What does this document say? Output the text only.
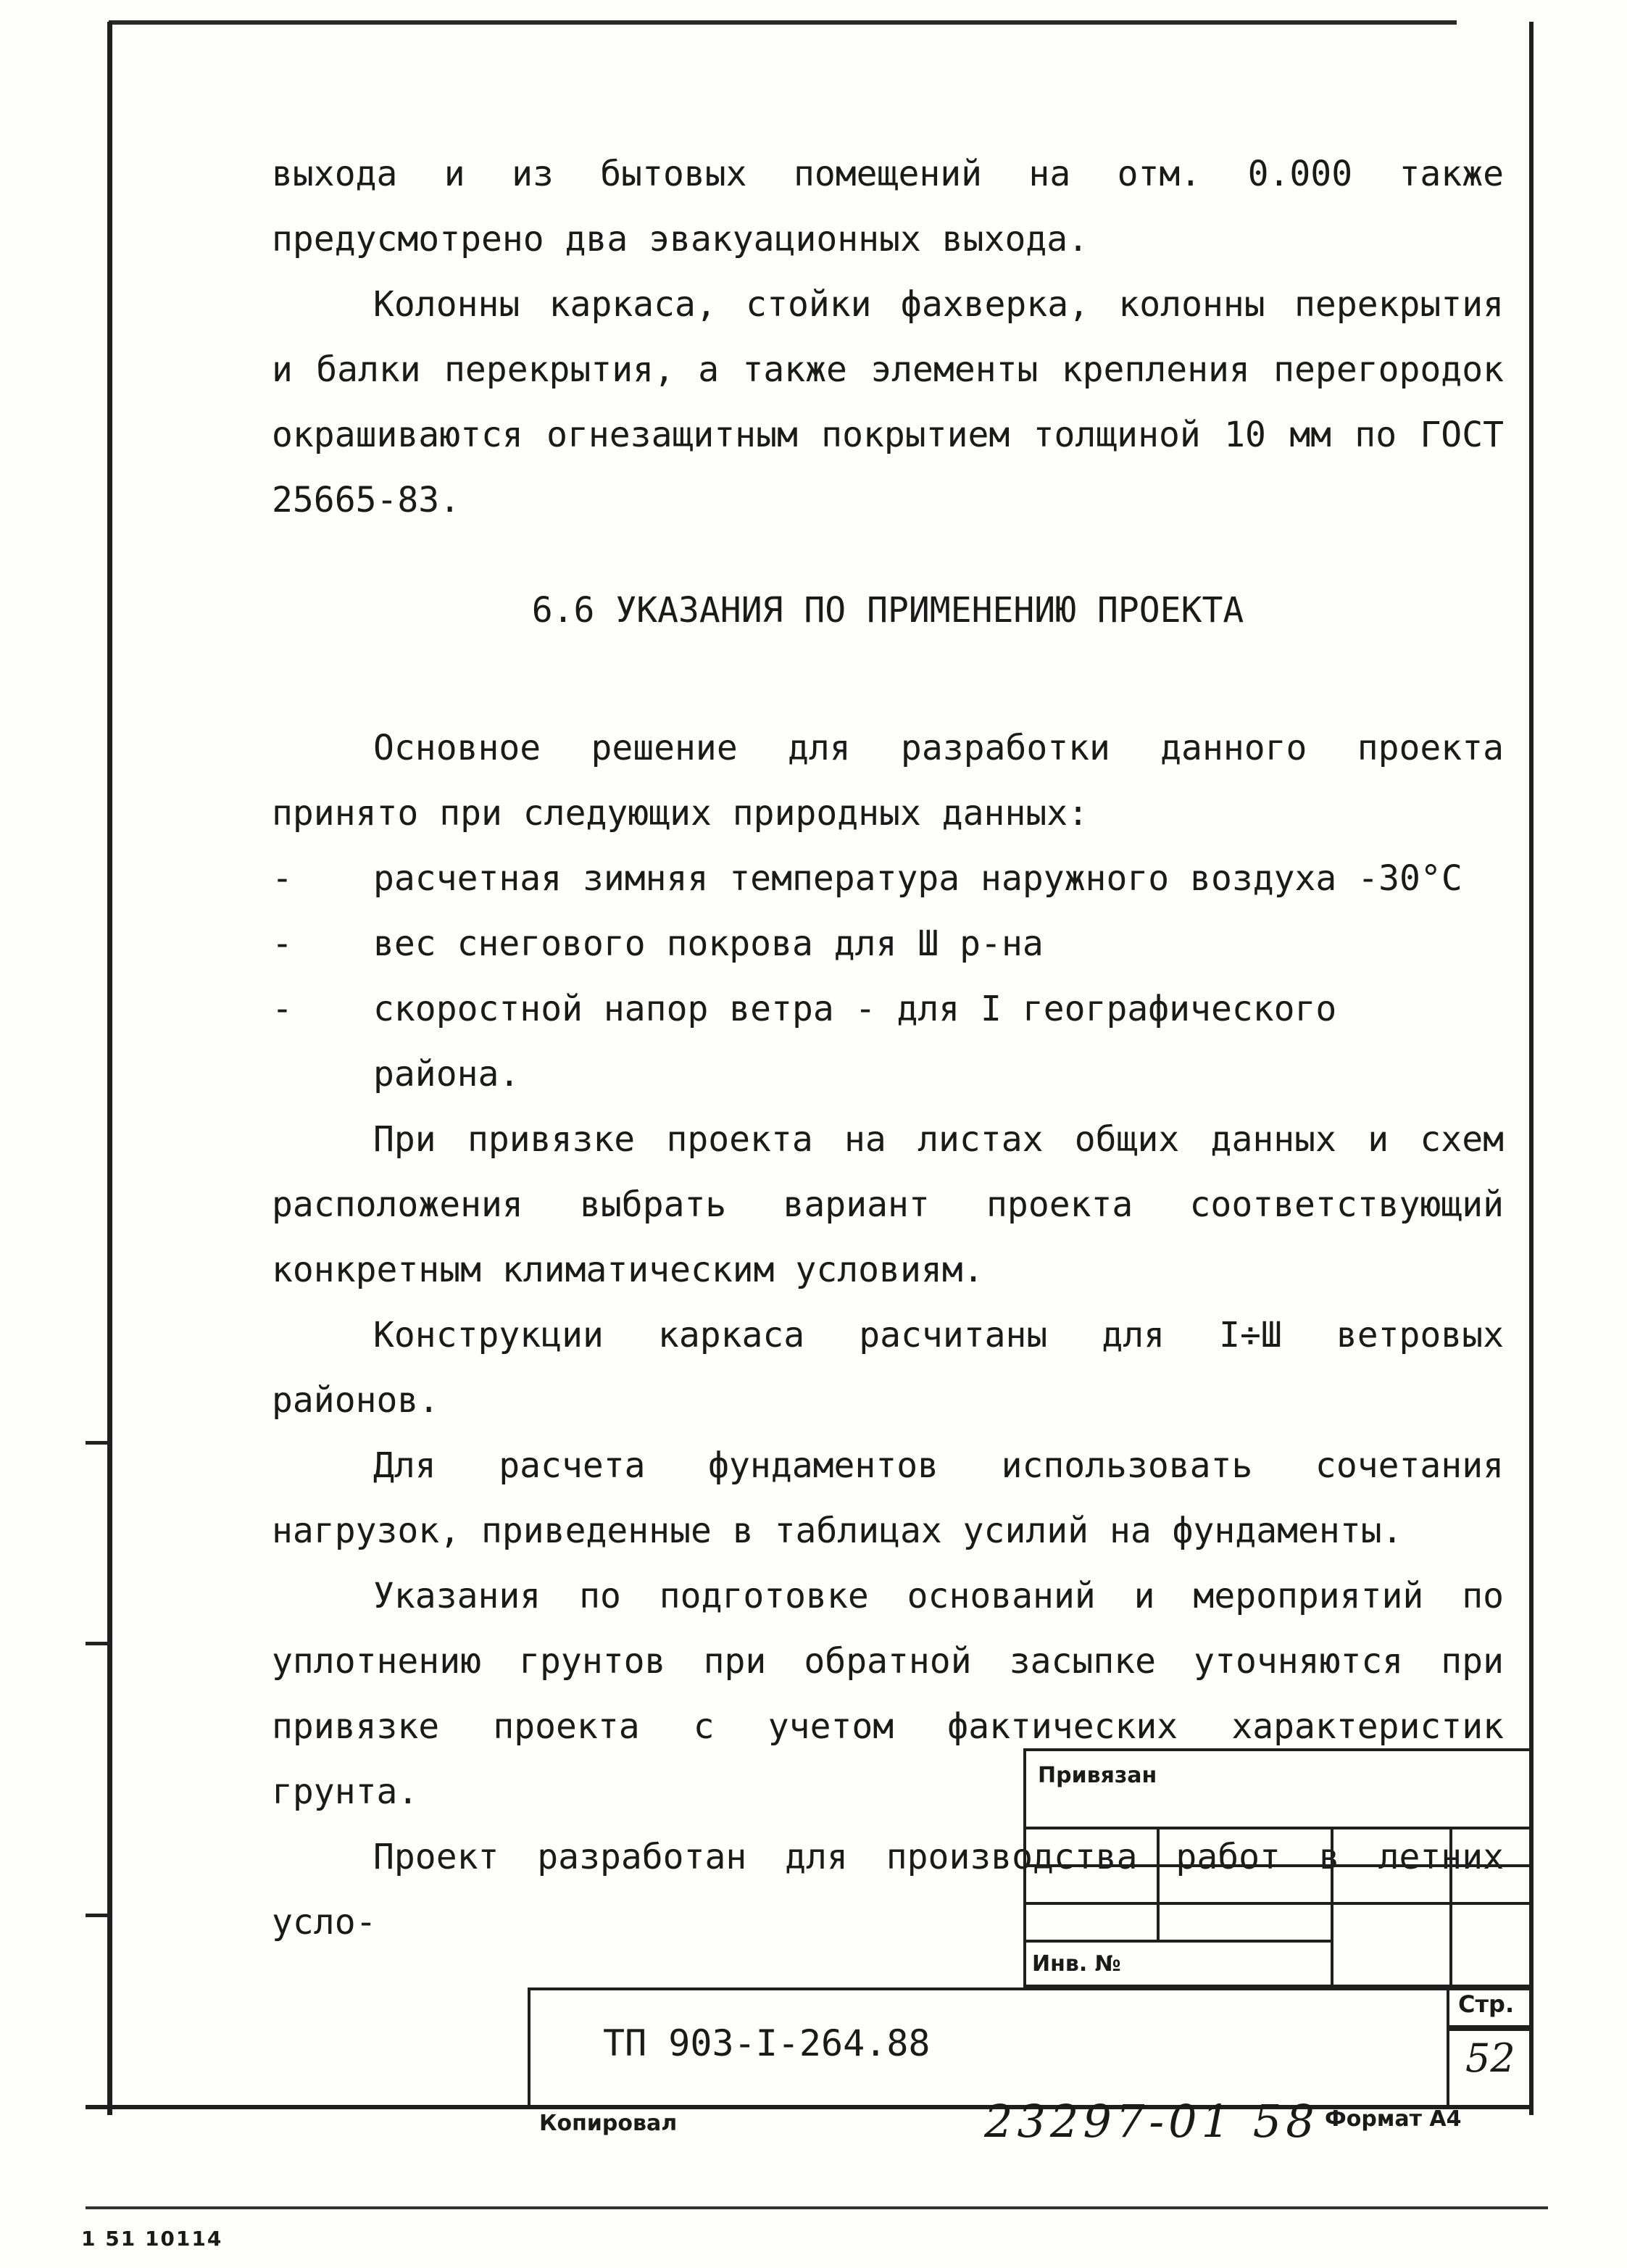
выхода и из бытовых помещений на отм. 0.000 также предусмотрено два эвакуационных выхода.

Колонны каркаса, стойки фахверка, колонны перекрытия и балки перекрытия, а также элементы крепления перегородок окрашиваются огнезащитным покрытием толщиной 10 мм по ГОСТ 25665-83.

6.6 УКАЗАНИЯ ПО ПРИМЕНЕНИЮ ПРОЕКТА

Основное решение для разработки данного проекта принято при следующих природных данных:

-	расчетная зимняя температура наружного воздуха -30°С
-	вес снегового покрова для Ш р-на
-	скоростной напор ветра - для I географического района.

При привязке проекта на листах общих данных и схем расположения выбрать вариант проекта соответствующий конкретным климатическим условиям.

Конструкции каркаса расчитаны для I÷Ш ветровых районов.

Для расчета фундаментов использовать сочетания нагрузок, приведенные в таблицах усилий на фундаменты.

Указания по подготовке оснований и мероприятий по уплотнению грунтов при обратной засыпке уточняются при привязке проекта с учетом фактических характеристик грунта.

Проект разработан для производства работ в летних усло-

Привязан
Инв. №
ТП 903-I-264.88
Стр.
52
Копировал	23297-01 58 Формат А4
1 51 10114
